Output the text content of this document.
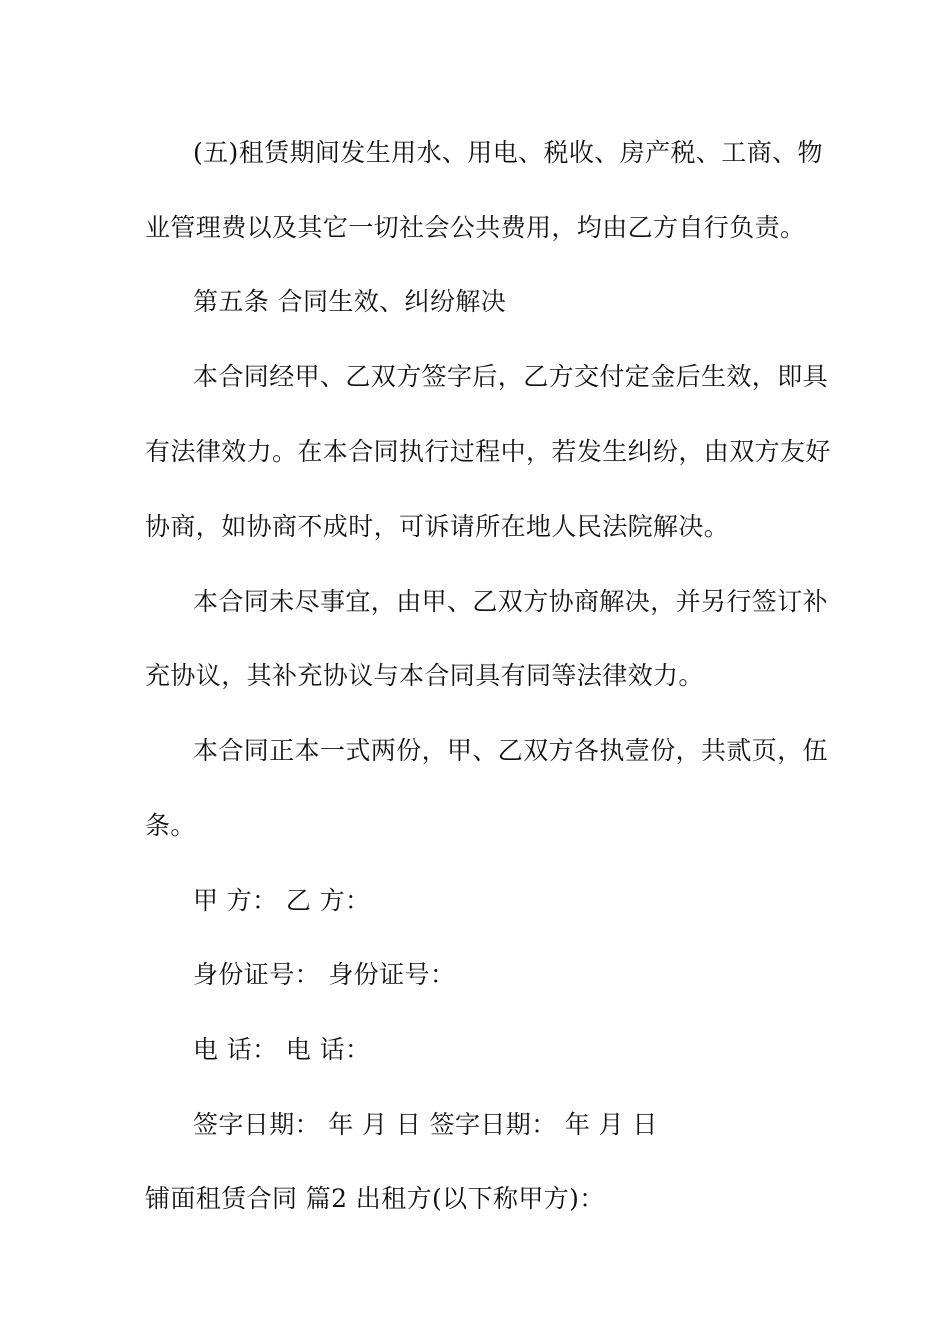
(五)租赁期间发生用水、用电、税收、房产税、工商、物
业管理费以及其它一切社会公共费用，均由乙方自行负责。
第五条 合同生效、纠纷解决
本合同经甲、乙双方签字后，乙方交付定金后生效，即具
有法律效力。在本合同执行过程中，若发生纠纷，由双方友好
协商，如协商不成时，可诉请所在地人民法院解决。
本合同未尽事宜，由甲、乙双方协商解决，并另行签订补
充协议，其补充协议与本合同具有同等法律效力。
本合同正本一式两份，甲、乙双方各执壹份，共贰页，伍
条。
甲 方： 乙 方：
身份证号： 身份证号：
电 话： 电 话：
签字日期： 年 月 日 签字日期： 年 月 日
铺面租赁合同 篇2 出租方(以下称甲方)：
